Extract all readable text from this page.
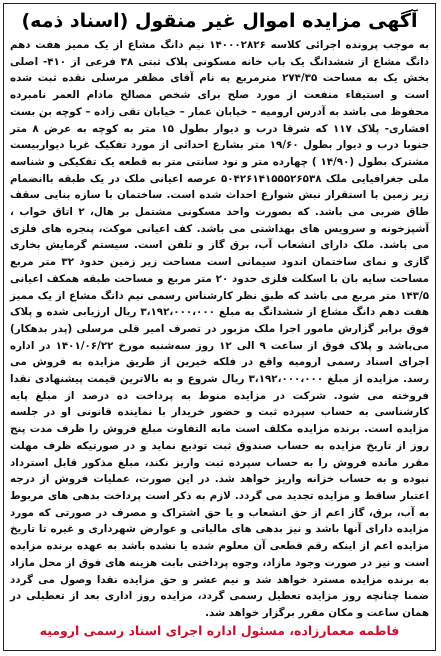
آگهی مزایده اموال غیر منقول (اسناد ذمه)

به موجب پرونده اجرائی کلاسه ۱۴۰۰۰۲۸۲۶ نیم دانگ مشاع از یک ممیز هفت دهم دانگ مشاع از ششدانگ یک باب خانه مسکونی پلاک ثبتی ۳۸ فرعی از ۴۱۰- اصلی بخش یک به مساحت ۲۷۴/۳۵ مترمربع به نام آقای مظفر مرسلی نقده ثبت شده است و استیفاء منفعت از مورد صلح برای شخص مصالح مادام العمر نامبرده محفوظ می باشد به آدرس ارومیه – خیابان عمار – خیابان تقی زاده – کوچه بن بست افشاری- پلاک ۱۱۷ که شرقا درب و دیوار بطول ۱۵ متر به کوچه به عرض ۸ متر جنوبا درب و دیوار بطول ۱۹/۶۰ متر بشارع احداثی از مورد تفکیک غربا دیواربیست مشترک بطول (۱۴/۹۰ ) چهارده متر و نود سانتی متر به قطعه یک تفکیکی و شناسه ملی جغرافیایی ملک ۵۰۴۲۶۱۴۱۵۵۵۲۶۵۳۸ عرصه اعیانی ملک در یک طبقه باانضمام زیر زمین با استقرار نبش شوارع احداث شده است. ساختمان با سازه بنایی سقف طاق ضربی می باشد. که بصورت واحد مسکونی مشتمل بر هال، ۲ اتاق خواب ، آشپزخونه و سرویس های بهداشتی می باشد. کف اعیانی موکت، پنجره های فلزی می باشد. ملک دارای انشعاب آب، برق گاز و تلفن است. سیستم گرمایش بخاری گازی و نمای ساختمان اندود سیمانی است مساحت زیر زمین حدود ۳۲ متر مربع مساحت سایه بان با اسکلت فلزی حدود ۲۰ متر مربع و مساحت طبقه همکف اعیانی ۱۴۳/۵ متر مربع می باشد که طبق نظر کارشناس رسمی نیم دانگ مشاع از یک ممیز هفت دهم دانگ مشاع از ششدانگ به مبلغ ۳،۱۹۲،۰۰۰،۰۰۰ ریال ارزیابی شده و پلاک فوق برابر گزارش مامور اجرا ملک مزبور در تصرف امیر قلی مرسلی (پدر بدهکار) می‌باشد و پلاک فوق از ساعت ۹ الی ۱۲ روز سه‌شنبه مورخ ۱۴۰۱/۰۶/۲۲ در اداره اجرای اسناد رسمی ارومیه واقع در فلکه خیرین از طریق مزایده به فروش می رسد. مزایده از مبلغ ۳،۱۹۲،۰۰۰،۰۰۰ ریال شروع و به بالاترین قیمت پیشنهادی نقدا فروخته می شود. شرکت در مزایده منوط به پرداخت ده درصد از مبلغ پایه کارشناسی به حساب سپرده ثبت و حضور خریدار با نماینده قانونی او در جلسه مزایده است. برنده مزایده مکلف است مابه التفاوت مبلغ فروش را ظرف مدت پنج روز از تاریخ مزایده به حساب صندوق ثبت تودیع نماید و در صورتیکه ظرف مهلت مقرر مانده فروش را به حساب سپرده ثبت واریز نکند، مبلغ مذکور قابل استرداد نبوده و به حساب خزانه واریز خواهد شد. در این صورت، عملیات فروش از درجه اعتبار ساقط و مزایده تجدید می گردد. لازم به ذکر است پرداخت بدهی های مربوط به آب، برق، گاز اعم از حق انشعاب و یا حق اشتراک و مصرف در صورتی که مورد مزایده دارای آنها باشد و نیز بدهی های مالیاتی و عوارض شهرداری و غیره تا تاریخ مزایده اعم از اینکه رقم قطعی آن معلوم شده یا نشده باشد به عهده برنده مزایده است و نیز در صورت وجود مازاد، وجوه پرداختی بابت هزینه های فوق از محل مازاد به برنده مزایده مسترد خواهد شد و نیم عشر و حق مزایده نقدا وصول می گردد ضمنا چنانچه روز مزایده تعطیل رسمی گردد، مزایده روز اداری بعد از تعطیلی در همان ساعت و مکان مقرر برگزار خواهد شد.

فاطمه معمارزاده، مسئول اداره اجرای اسناد رسمی ارومیه
